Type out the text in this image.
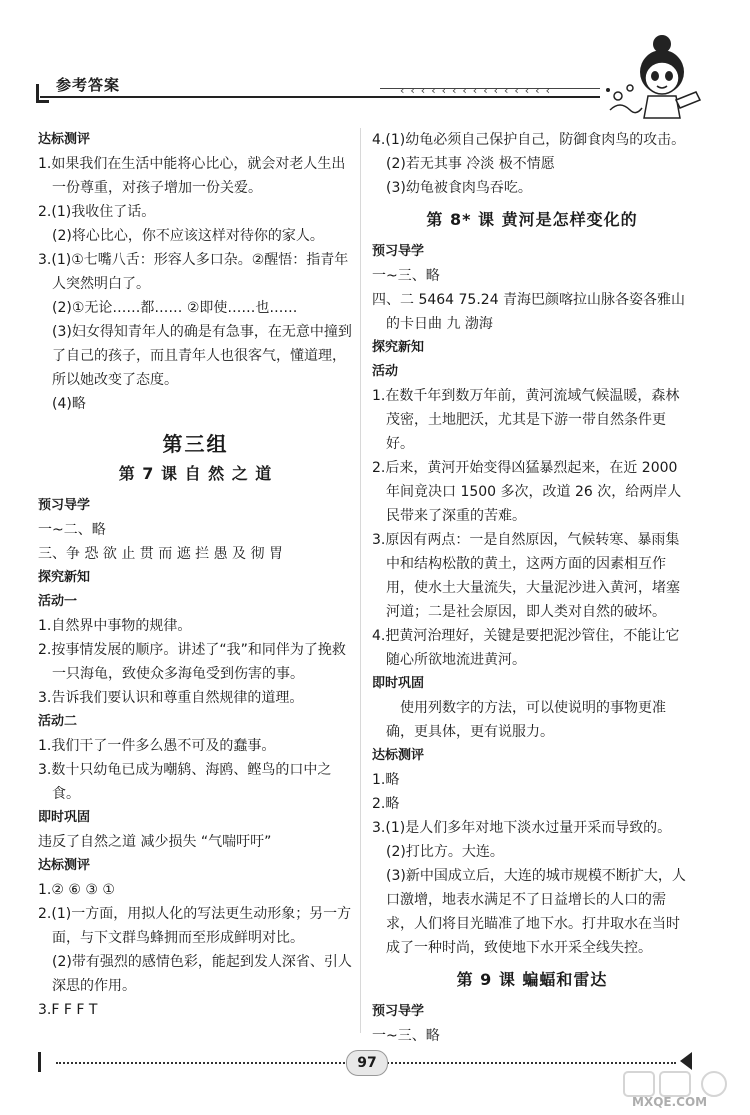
参考答案	‹‹‹‹‹‹‹‹‹‹‹‹‹‹‹
达标测评

1.如果我们在生活中能将心比心，就会对老人生出一份尊重，对孩子增加一份关爱。

2.(1)我收住了话。

(2)将心比心，你不应该这样对待你的家人。

3.(1)①七嘴八舌：形容人多口杂。②醒悟：指青年人突然明白了。

(2)①无论……都…… ②即使……也……

(3)妇女得知青年人的确是有急事，在无意中撞到了自己的孩子，而且青年人也很客气，懂道理，所以她改变了态度。

(4)略

第三组
第 7 课 自 然 之 道
预习导学

一~二、略

三、争 恐 欲 止 贯 而 遮 拦 愚 及 彻 胃

探究新知
活动一

1.自然界中事物的规律。

2.按事情发展的顺序。讲述了“我”和同伴为了挽救一只海龟，致使众多海龟受到伤害的事。

3.告诉我们要认识和尊重自然规律的道理。

活动二

1.我们干了一件多么愚不可及的蠢事。

3.数十只幼龟已成为嘲鸫、海鸥、鲣鸟的口中之食。

即时巩固

违反了自然之道 减少损失 “气喘吁吁”

达标测评

1.② ⑥ ③ ①

2.(1)一方面，用拟人化的写法更生动形象；另一方面，与下文群鸟蜂拥而至形成鲜明对比。

(2)带有强烈的感情色彩，能起到发人深省、引人深思的作用。

3.F F F T

4.(1)幼龟必须自己保护自己，防御食肉鸟的攻击。

(2)若无其事 冷淡 极不情愿

(3)幼龟被食肉鸟吞吃。

第 8* 课 黄河是怎样变化的
预习导学

一~三、略

四、二 5464 75.24 青海巴颜喀拉山脉各姿各雅山的卡日曲 九 渤海

探究新知
活动

1.在数千年到数万年前，黄河流域气候温暖，森林茂密，土地肥沃，尤其是下游一带自然条件更好。

2.后来，黄河开始变得凶猛暴烈起来，在近 2000 年间竟决口 1500 多次，改道 26 次，给两岸人民带来了深重的苦难。

3.原因有两点：一是自然原因，气候转寒、暴雨集中和结构松散的黄土，这两方面的因素相互作用，使水土大量流失，大量泥沙进入黄河，堵塞河道；二是社会原因，即人类对自然的破坏。

4.把黄河治理好，关键是要把泥沙管住，不能让它随心所欲地流进黄河。

即时巩固

使用列数字的方法，可以使说明的事物更准确，更具体，更有说服力。

达标测评

1.略

2.略

3.(1)是人们多年对地下淡水过量开采而导致的。

(2)打比方。大连。

(3)新中国成立后，大连的城市规模不断扩大，人口激增，地表水满足不了日益增长的人口的需求，人们将目光瞄准了地下水。打井取水在当时成了一种时尚，致使地下水开采全线失控。

第 9 课 蝙蝠和雷达
预习导学

一~三、略

97
MXQE.COM
